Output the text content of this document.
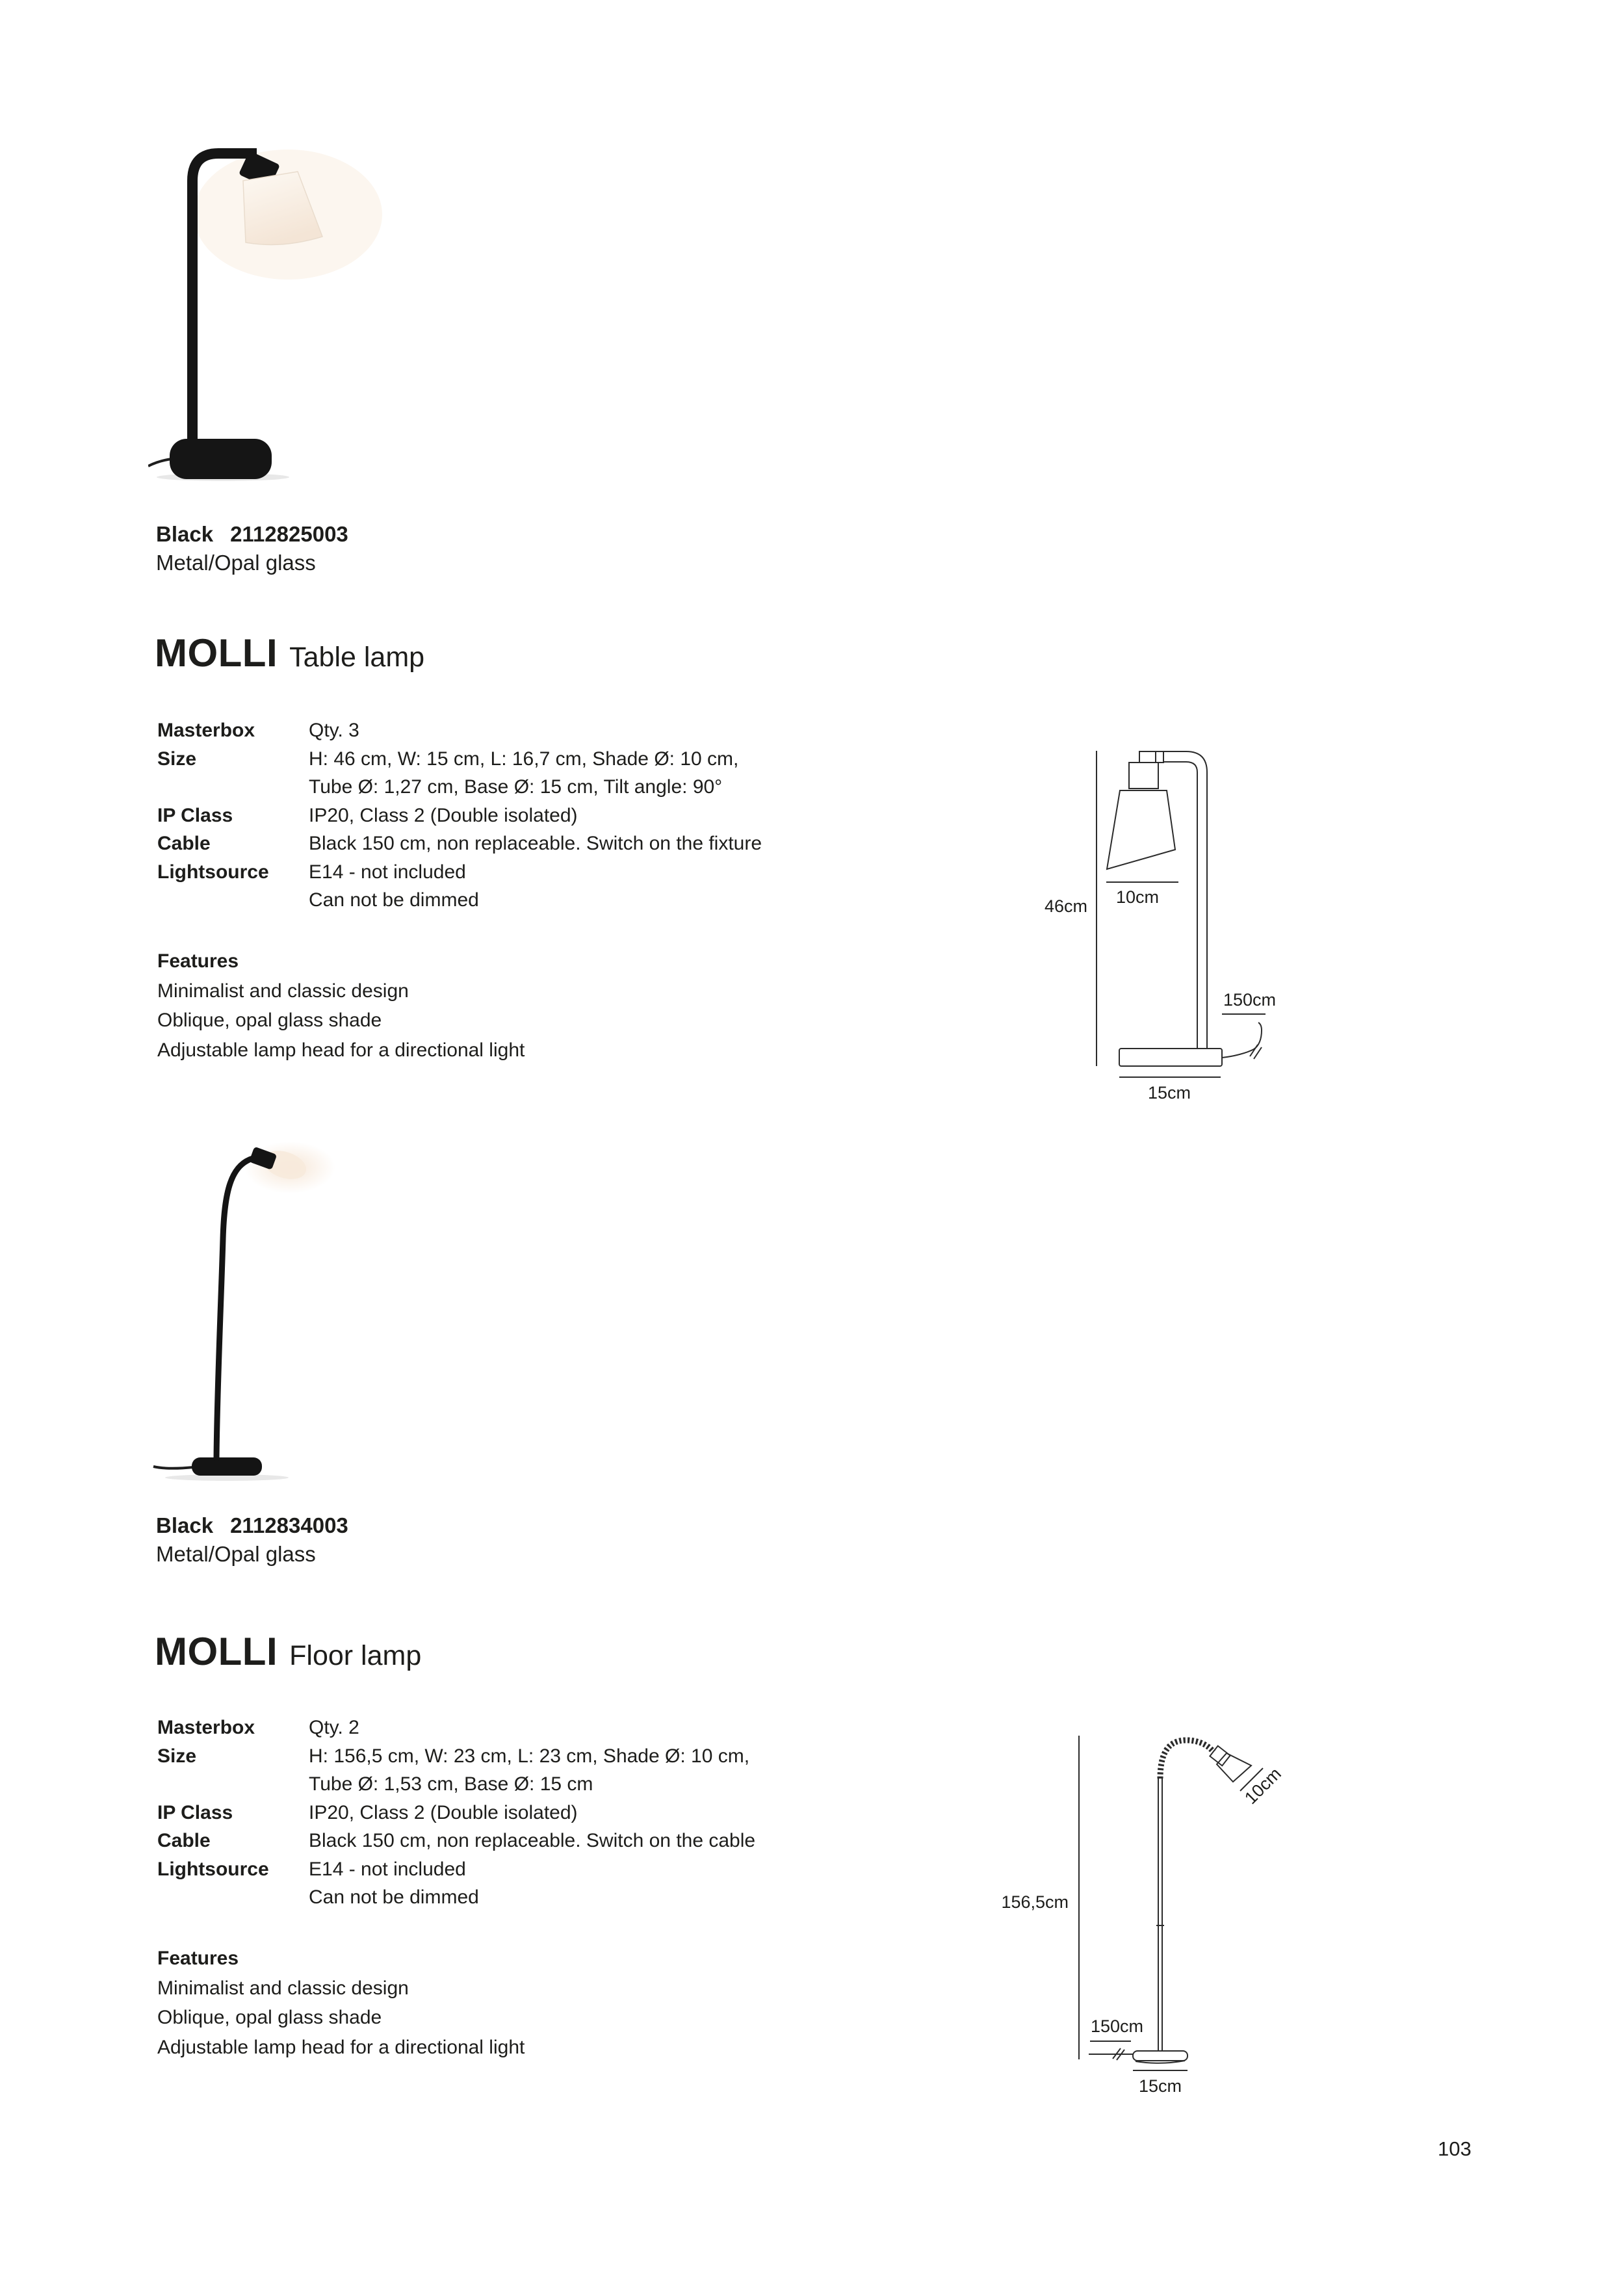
Black 2112825003
Metal/Opal glass
MOLLI Table lamp
Masterbox	Qty. 3
Size	H: 46 cm, W: 15 cm, L: 16,7 cm, Shade Ø: 10 cm,
Tube Ø: 1,27 cm, Base Ø: 15 cm, Tilt angle: 90°
IP Class	IP20, Class 2 (Double isolated)
Cable	Black 150 cm, non replaceable. Switch on the fixture
Lightsource	E14 - not included
Can not be dimmed
Features
Minimalist and classic design
Oblique, opal glass shade
Adjustable lamp head for a directional light
46cm 10cm
150cm
15cm
Black 2112834003
Metal/Opal glass
MOLLI Floor lamp
Masterbox	Qty. 2
Size	H: 156,5 cm, W: 23 cm, L: 23 cm, Shade Ø: 10 cm,
Tube Ø: 1,53 cm, Base Ø: 15 cm
IP Class	IP20, Class 2 (Double isolated)
Cable	Black 150 cm, non replaceable. Switch on the cable
Lightsource	E14 - not included
Can not be dimmed
Features
Minimalist and classic design
Oblique, opal glass shade
Adjustable lamp head for a directional light
156,5cm
10cm
150cm
15cm
103
